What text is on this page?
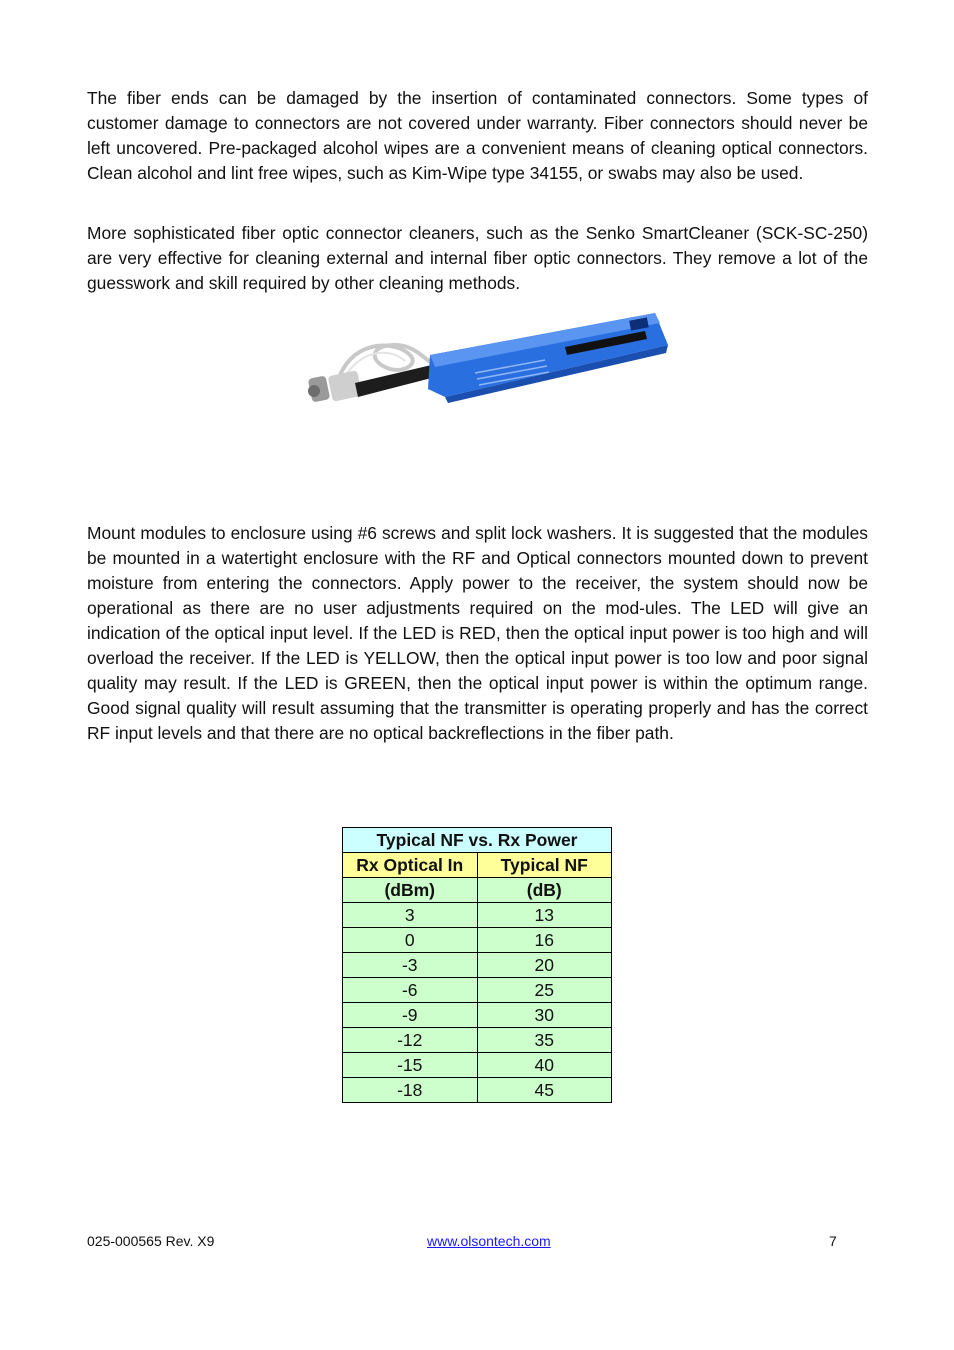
The fiber ends can be damaged by the insertion of contaminated connectors. Some types of customer damage to connectors are not covered under warranty. Fiber connectors should never be left uncovered. Pre-packaged alcohol wipes are a convenient means of cleaning optical connectors. Clean alcohol and lint free wipes, such as Kim-Wipe type 34155, or swabs may also be used.

More sophisticated fiber optic connector cleaners, such as the Senko SmartCleaner (SCK-SC-250) are very effective for cleaning external and internal fiber optic connectors. They remove a lot of the guesswork and skill required by other cleaning methods.

Mount modules to enclosure using #6 screws and split lock washers. It is suggested that the modules be mounted in a watertight enclosure with the RF and Optical connectors mounted down to prevent moisture from entering the connectors. Apply power to the receiver, the system should now be operational as there are no user adjustments required on the mod-ules. The LED will give an indication of the optical input level. If the LED is RED, then the optical input power is too high and will overload the receiver. If the LED is YELLOW, then the optical input power is too low and poor signal quality may result. If the LED is GREEN, then the optical input power is within the optimum range. Good signal quality will result assuming that the transmitter is operating properly and has the correct RF input levels and that there are no optical backreflections in the fiber path.

Typical NF vs. Rx Power	
Rx Optical In	Typical NF
(dBm)	(dB)
3	13
0	16
-3	20
-6	25
-9	30
-12	35
-15	40
-18	45
025-000565 Rev. X9	www.olsontech.com	7
